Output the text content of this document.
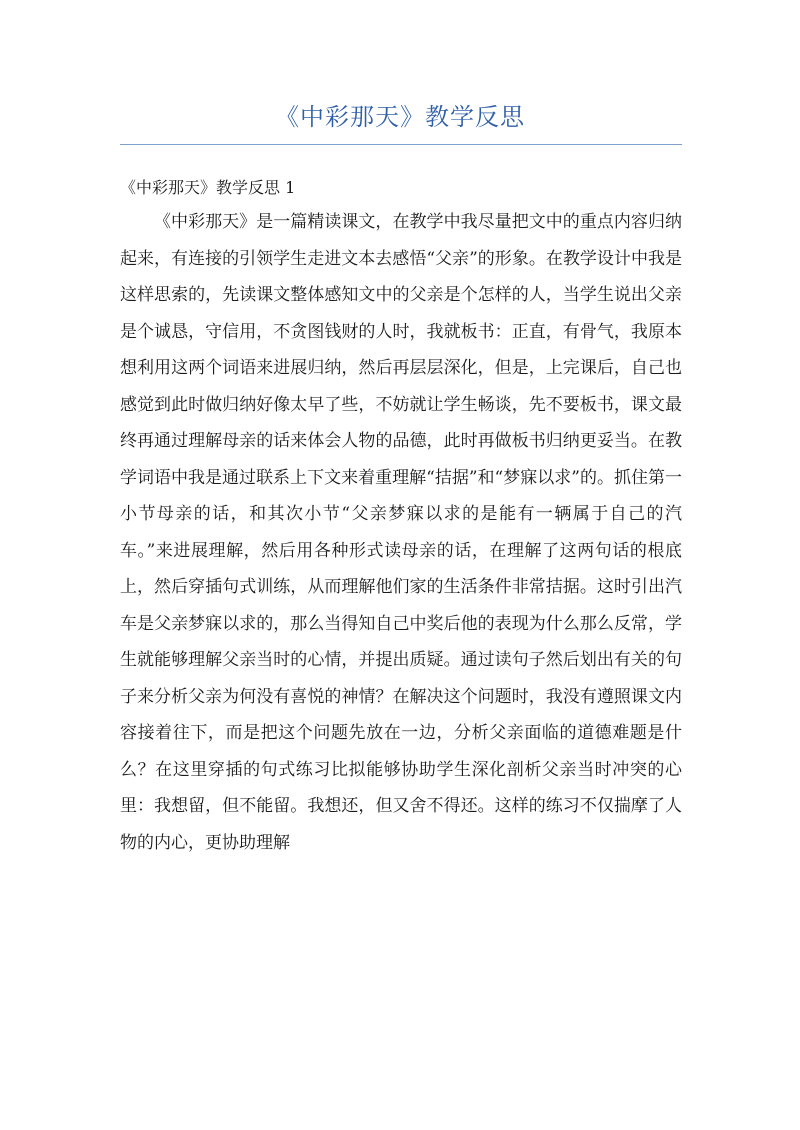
《中彩那天》教学反思
《中彩那天》教学反思 1

《中彩那天》是一篇精读课文，在教学中我尽量把文中的重点内容归纳起来，有连接的引领学生走进文本去感悟“父亲”的形象。在教学设计中我是这样思索的，先读课文整体感知文中的父亲是个怎样的人，当学生说出父亲是个诚恳，守信用，不贪图钱财的人时，我就板书：正直，有骨气，我原本想利用这两个词语来进展归纳，然后再层层深化，但是，上完课后，自己也感觉到此时做归纳好像太早了些，不妨就让学生畅谈，先不要板书，课文最终再通过理解母亲的话来体会人物的品德，此时再做板书归纳更妥当。在教学词语中我是通过联系上下文来着重理解“拮据”和“梦寐以求”的。抓住第一小节母亲的话，和其次小节“父亲梦寐以求的是能有一辆属于自己的汽车。”来进展理解，然后用各种形式读母亲的话，在理解了这两句话的根底上，然后穿插句式训练，从而理解他们家的生活条件非常拮据。这时引出汽车是父亲梦寐以求的，那么当得知自己中奖后他的表现为什么那么反常，学生就能够理解父亲当时的心情，并提出质疑。通过读句子然后划出有关的句子来分析父亲为何没有喜悦的神情？在解决这个问题时，我没有遵照课文内容接着往下，而是把这个问题先放在一边，分析父亲面临的道德难题是什么？在这里穿插的句式练习比拟能够协助学生深化剖析父亲当时冲突的心里：我想留，但不能留。我想还，但又舍不得还。这样的练习不仅揣摩了人物的内心，更协助理解
